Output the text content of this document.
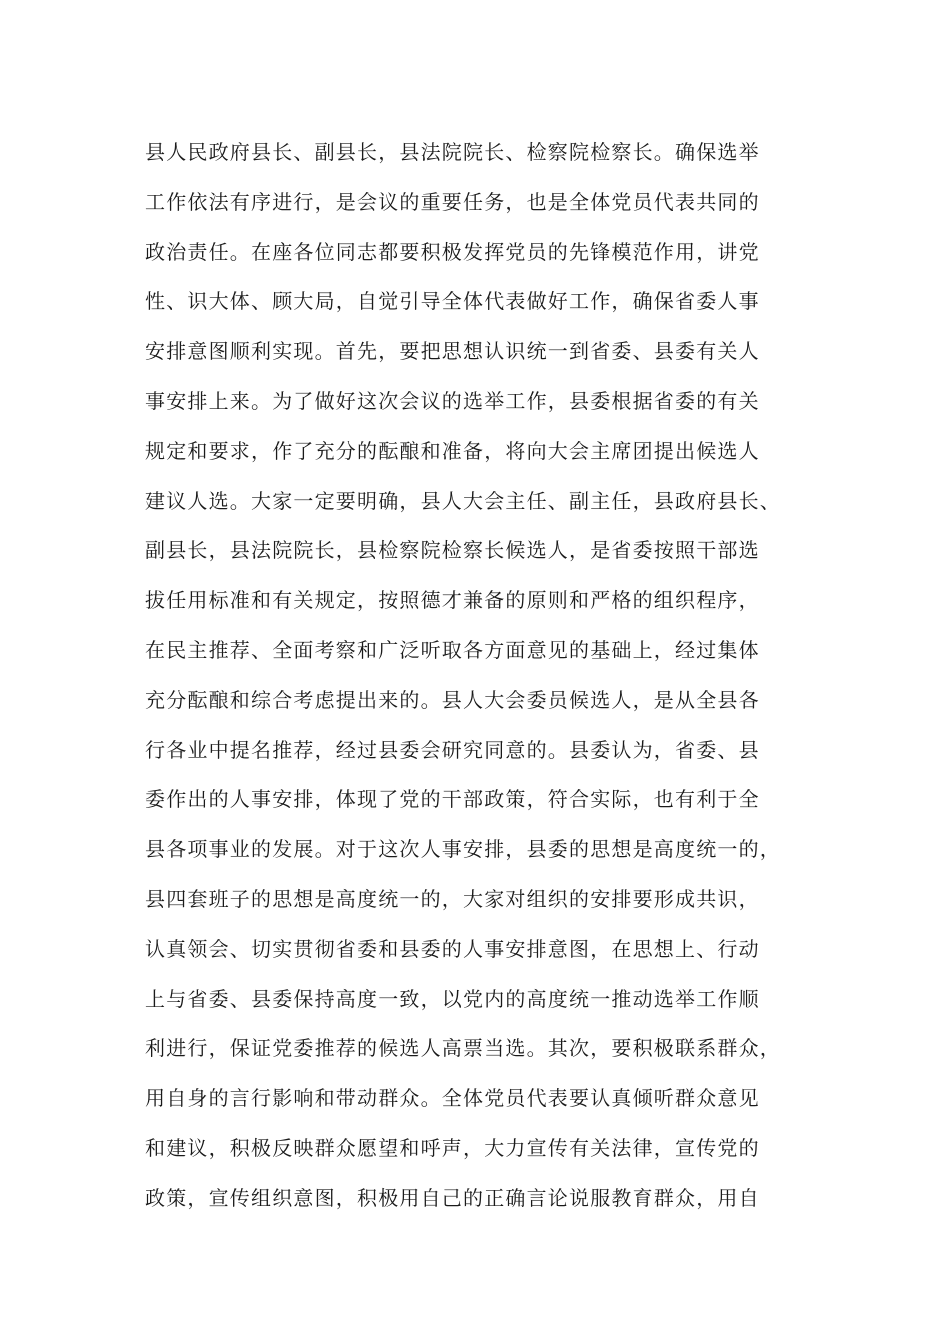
县人民政府县长、副县长，县法院院长、检察院检察长。确保选举
工作依法有序进行，是会议的重要任务，也是全体党员代表共同的
政治责任。在座各位同志都要积极发挥党员的先锋模范作用，讲党
性、识大体、顾大局，自觉引导全体代表做好工作，确保省委人事
安排意图顺利实现。首先，要把思想认识统一到省委、县委有关人
事安排上来。为了做好这次会议的选举工作，县委根据省委的有关
规定和要求，作了充分的酝酿和准备，将向大会主席团提出候选人
建议人选。大家一定要明确，县人大会主任、副主任，县政府县长、
副县长，县法院院长，县检察院检察长候选人，是省委按照干部选
拔任用标准和有关规定，按照德才兼备的原则和严格的组织程序，
在民主推荐、全面考察和广泛听取各方面意见的基础上，经过集体
充分酝酿和综合考虑提出来的。县人大会委员候选人，是从全县各
行各业中提名推荐，经过县委会研究同意的。县委认为，省委、县
委作出的人事安排，体现了党的干部政策，符合实际，也有利于全
县各项事业的发展。对于这次人事安排，县委的思想是高度统一的，
县四套班子的思想是高度统一的，大家对组织的安排要形成共识，
认真领会、切实贯彻省委和县委的人事安排意图，在思想上、行动
上与省委、县委保持高度一致，以党内的高度统一推动选举工作顺
利进行，保证党委推荐的候选人高票当选。其次，要积极联系群众，
用自身的言行影响和带动群众。全体党员代表要认真倾听群众意见
和建议，积极反映群众愿望和呼声，大力宣传有关法律，宣传党的
政策，宣传组织意图，积极用自己的正确言论说服教育群众，用自
